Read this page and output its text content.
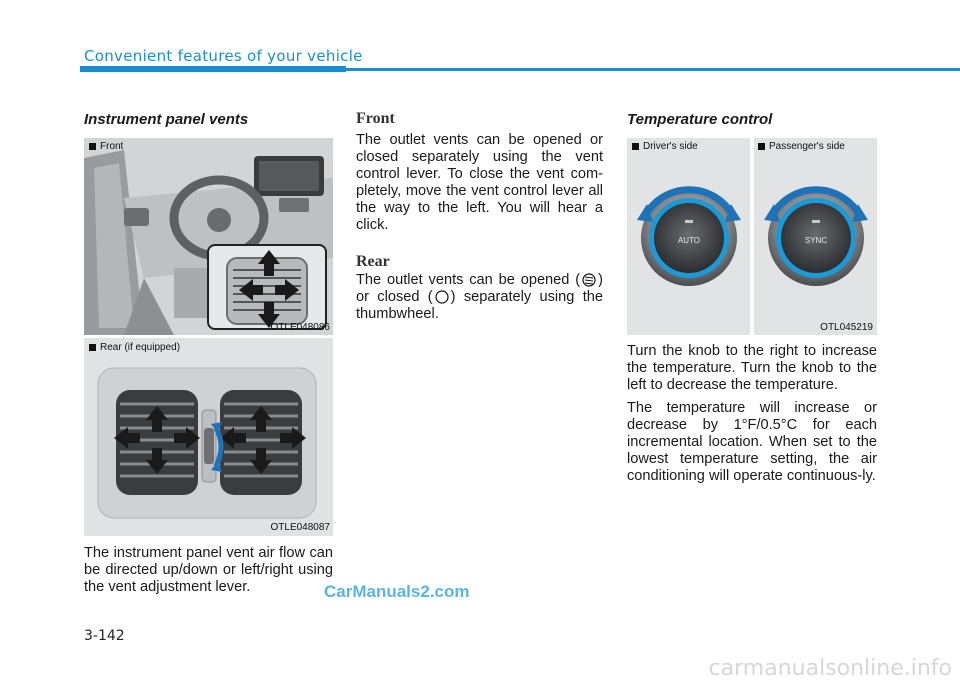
Convenient features of your vehicle
Instrument panel vents
Front
OTLE048086
Rear (if equipped)
OTLE048087
The instrument panel vent air flow can be directed up/down or left/right using the vent adjustment lever.
Front
The outlet vents can be opened or closed separately using the vent control lever. To close the vent com-pletely, move the vent control lever all the way to the left. You will hear a click.
Rear
The outlet vents can be opened ( ) or closed ( ) separately using the thumbwheel.
Temperature control
Driver's side	Passenger's side
AUTO	SYNC
OTL045219

Turn the knob to the right to increase the temperature. Turn the knob to the left to decrease the temperature.

The temperature will increase or decrease by 1°F/0.5°C for each incremental location. When set to the lowest temperature setting, the air conditioning will operate continuous-ly.

CarManuals2.com
3-142
carmanualsonline.info
